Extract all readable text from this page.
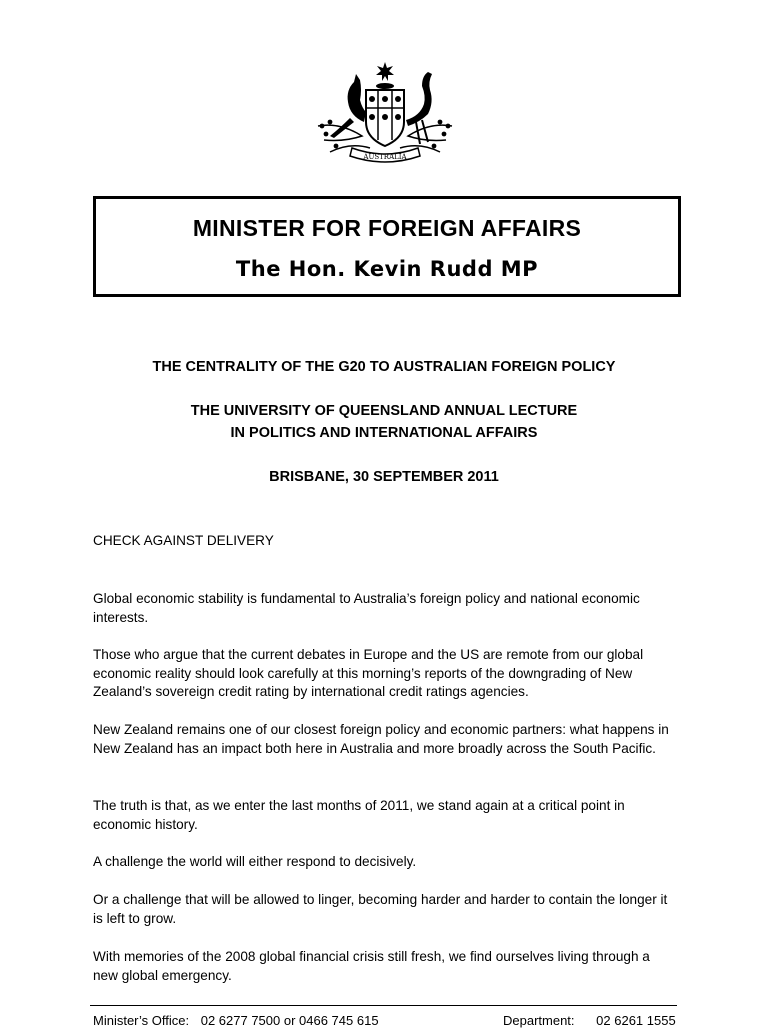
AUSTRALIA
MINISTER FOR FOREIGN AFFAIRS
The Hon. Kevin Rudd MP
THE CENTRALITY OF THE G20 TO AUSTRALIAN FOREIGN POLICY
THE UNIVERSITY OF QUEENSLAND ANNUAL LECTURE
IN POLITICS AND INTERNATIONAL AFFAIRS
BRISBANE, 30 SEPTEMBER 2011
CHECK AGAINST DELIVERY

Global economic stability is fundamental to Australia’s foreign policy and national economic interests.

Those who argue that the current debates in Europe and the US are remote from our global economic reality should look carefully at this morning’s reports of the downgrading of New Zealand’s sovereign credit rating by international credit ratings agencies.

New Zealand remains one of our closest foreign policy and economic partners: what happens in New Zealand has an impact both here in Australia and more broadly across the South Pacific.

The truth is that, as we enter the last months of 2011, we stand again at a critical point in economic history.

A challenge the world will either respond to decisively.

Or a challenge that will be allowed to linger, becoming harder and harder to contain the longer it is left to grow.

With memories of the 2008 global financial crisis still fresh, we find ourselves living through a new global emergency.

Minister’s Office: 02 6277 7500 or 0466 745 615	Department: 02 6261 1555
